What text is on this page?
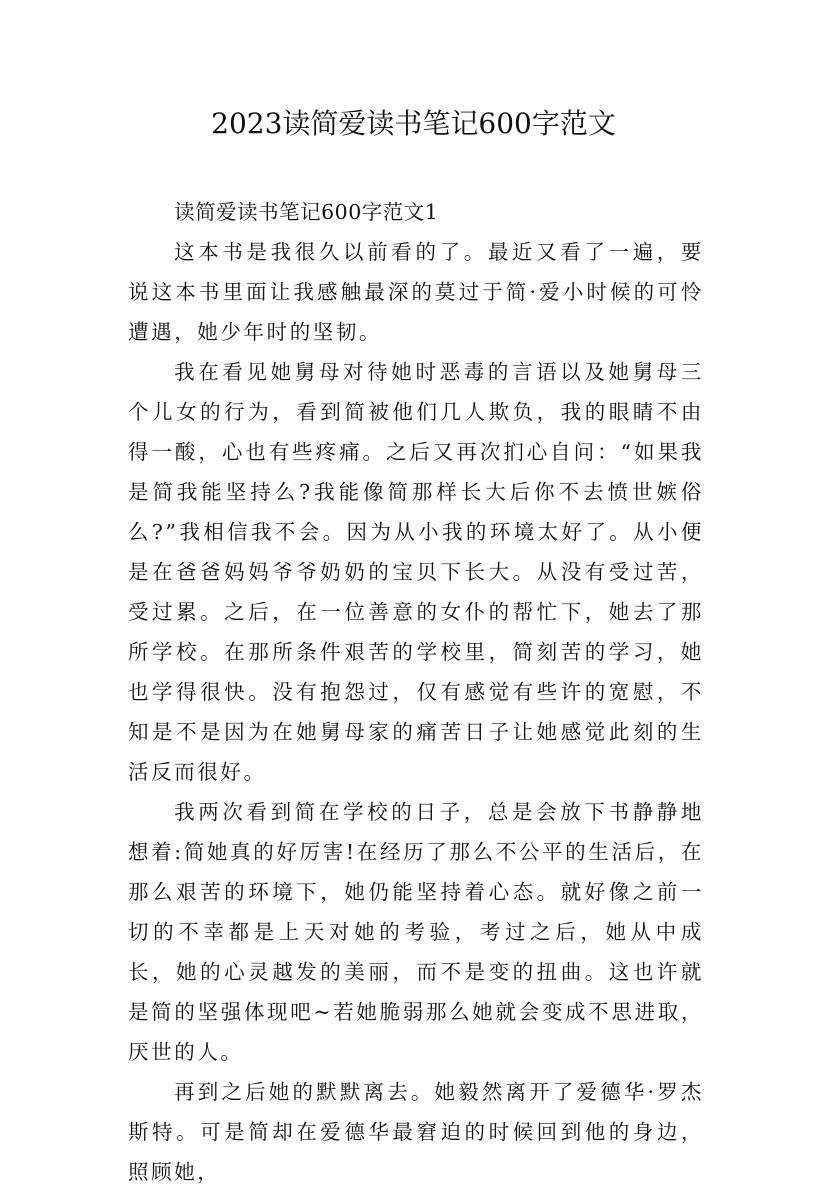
2023读简爱读书笔记600字范文

读简爱读书笔记600字范文1

这本书是我很久以前看的了。最近又看了一遍，要说这本书里面让我感触最深的莫过于简·爱小时候的可怜遭遇，她少年时的坚韧。

我在看见她舅母对待她时恶毒的言语以及她舅母三个儿女的行为，看到简被他们几人欺负，我的眼睛不由得一酸，心也有些疼痛。之后又再次扪心自问：“如果我是简我能坚持么?我能像简那样长大后你不去愤世嫉俗么?”我相信我不会。因为从小我的环境太好了。从小便是在爸爸妈妈爷爷奶奶的宝贝下长大。从没有受过苦，受过累。之后，在一位善意的女仆的帮忙下，她去了那所学校。在那所条件艰苦的学校里，简刻苦的学习，她也学得很快。没有抱怨过，仅有感觉有些许的宽慰，不知是不是因为在她舅母家的痛苦日子让她感觉此刻的生活反而很好。

我两次看到简在学校的日子，总是会放下书静静地想着:简她真的好厉害!在经历了那么不公平的生活后，在那么艰苦的环境下，她仍能坚持着心态。就好像之前一切的不幸都是上天对她的考验，考过之后，她从中成长，她的心灵越发的美丽，而不是变的扭曲。这也许就是简的坚强体现吧~若她脆弱那么她就会变成不思进取，厌世的人。

再到之后她的默默离去。她毅然离开了爱德华·罗杰斯特。可是简却在爱德华最窘迫的时候回到他的身边，照顾她，
